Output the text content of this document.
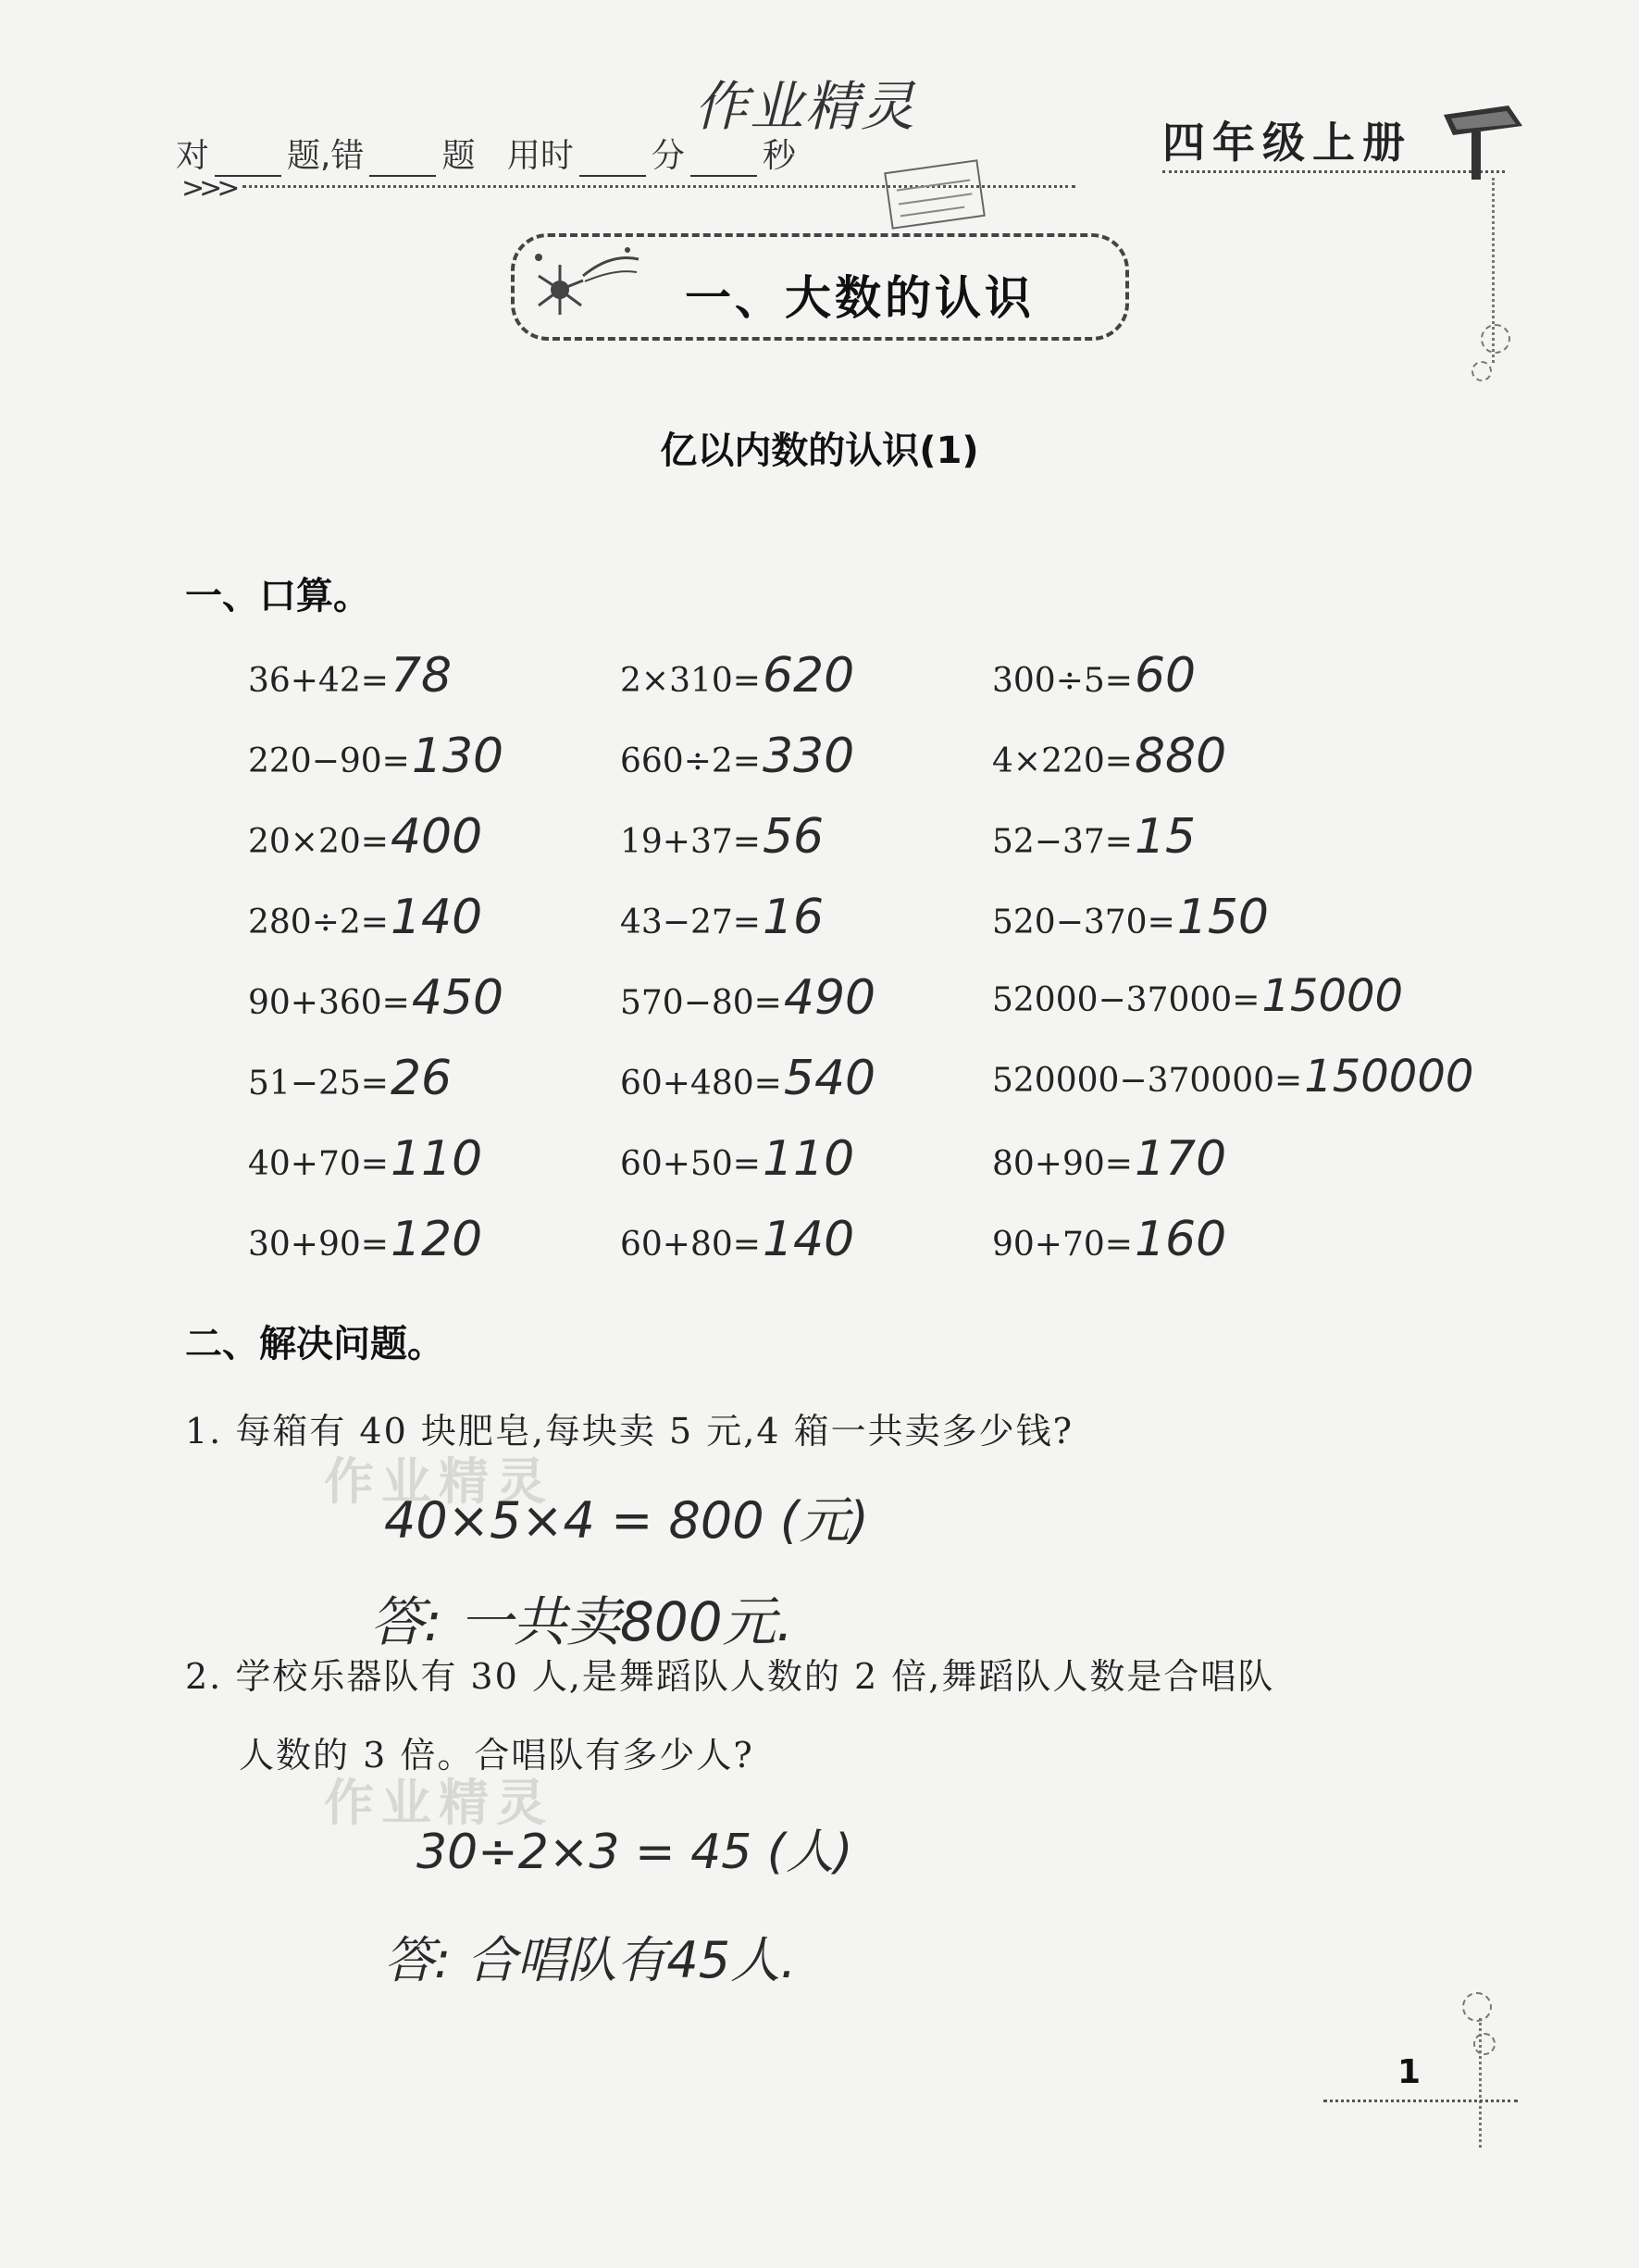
作业精灵
对 题,错 题 用时 分 秒
>>>
四年级上册
一、大数的认识
亿以内数的认识(1)
一、口算。
36+42=78	2×310=620	300÷5=60
220−90=130	660÷2=330	4×220=880
20×20=400	19+37=56	52−37=15
280÷2=140	43−27=16	520−370=150
90+360=450	570−80=490	52000−37000=15000
51−25=26	60+480=540	520000−370000=150000
40+70=110	60+50=110	80+90=170
30+90=120	60+80=140	90+70=160
二、解决问题。
1. 每箱有 40 块肥皂,每块卖 5 元,4 箱一共卖多少钱?
作业精灵
40×5×4 = 800 (元)
答: 一共卖800元.
2. 学校乐器队有 30 人,是舞蹈队人数的 2 倍,舞蹈队人数是合唱队
人数的 3 倍。合唱队有多少人?
作业精灵
30÷2×3 = 45 (人)
答: 合唱队有45人.
1
